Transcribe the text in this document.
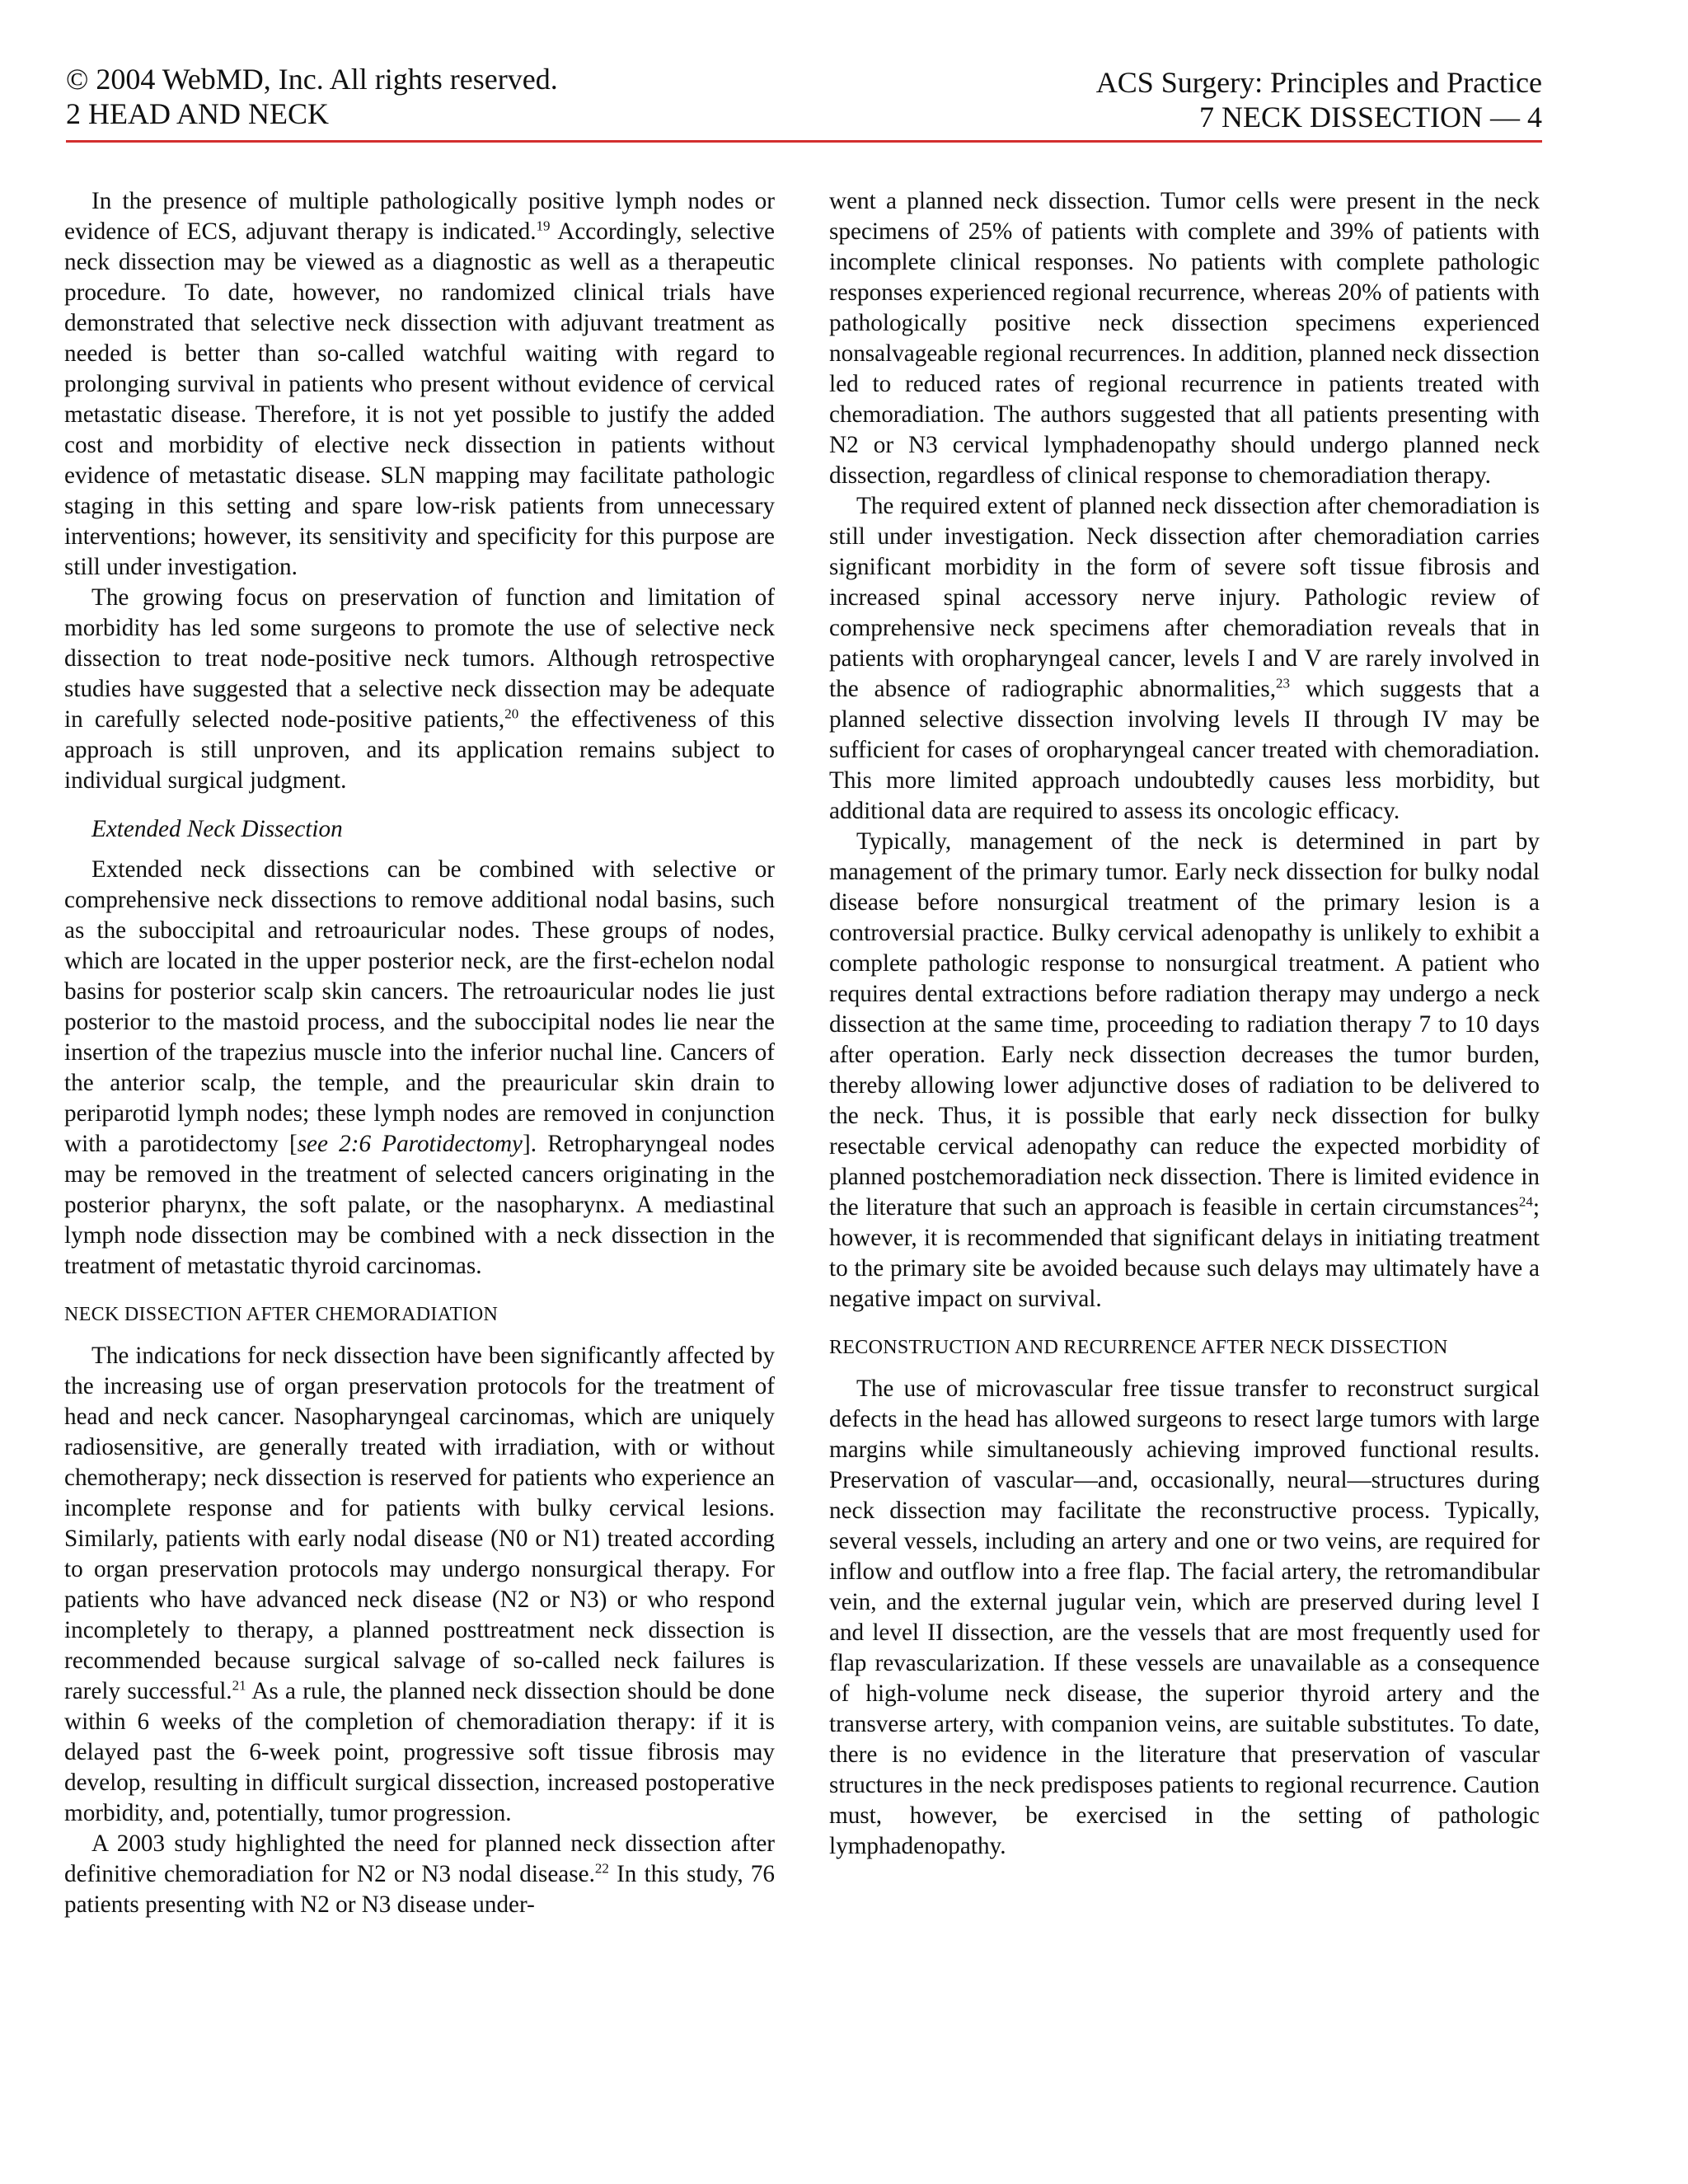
© 2004 WebMD, Inc. All rights reserved.
2 HEAD AND NECK
ACS Surgery: Principles and Practice
7 NECK DISSECTION — 4

In the presence of multiple pathologically positive lymph nodes or evidence of ECS, adjuvant therapy is indicated.$^{19}$ Accordingly, selective neck dissection may be viewed as a diagnostic as well as a therapeutic procedure. To date, however, no randomized clinical trials have demonstrated that selective neck dissection with adjuvant treatment as needed is better than so-called watchful waiting with regard to prolonging survival in patients who present without evidence of cervical metastatic disease. Therefore, it is not yet possible to justify the added cost and morbidity of elective neck dissection in patients without evidence of metastatic disease. SLN mapping may facilitate pathologic staging in this setting and spare low-risk patients from unnecessary interventions; however, its sensitivity and specificity for this purpose are still under investigation.

The growing focus on preservation of function and limitation of morbidity has led some surgeons to promote the use of selective neck dissection to treat node-positive neck tumors. Although retrospective studies have suggested that a selective neck dissection may be adequate in carefully selected node-positive patients,$^{20}$ the effectiveness of this approach is still unproven, and its application remains subject to individual surgical judgment.

Extended Neck Dissection

Extended neck dissections can be combined with selective or comprehensive neck dissections to remove additional nodal basins, such as the suboccipital and retroauricular nodes. These groups of nodes, which are located in the upper posterior neck, are the first-echelon nodal basins for posterior scalp skin cancers. The retroauricular nodes lie just posterior to the mastoid process, and the suboccipital nodes lie near the insertion of the trapezius muscle into the inferior nuchal line. Cancers of the anterior scalp, the temple, and the preauricular skin drain to periparotid lymph nodes; these lymph nodes are removed in conjunction with a parotidectomy [see 2:6 Parotidectomy]. Retropharyngeal nodes may be removed in the treatment of selected cancers originating in the posterior pharynx, the soft palate, or the nasopharynx. A mediastinal lymph node dissection may be combined with a neck dissection in the treatment of metastatic thyroid carcinomas.

NECK DISSECTION AFTER CHEMORADIATION

The indications for neck dissection have been significantly affected by the increasing use of organ preservation protocols for the treatment of head and neck cancer. Nasopharyngeal carcinomas, which are uniquely radiosensitive, are generally treated with irradiation, with or without chemotherapy; neck dissection is reserved for patients who experience an incomplete response and for patients with bulky cervical lesions. Similarly, patients with early nodal disease (N0 or N1) treated according to organ preservation protocols may undergo nonsurgical therapy. For patients who have advanced neck disease (N2 or N3) or who respond incompletely to therapy, a planned posttreatment neck dissection is recommended because surgical salvage of so-called neck failures is rarely successful.$^{21}$ As a rule, the planned neck dissection should be done within 6 weeks of the completion of chemoradiation therapy: if it is delayed past the 6-week point, progressive soft tissue fibrosis may develop, resulting in difficult surgical dissection, increased postoperative morbidity, and, potentially, tumor progression.

A 2003 study highlighted the need for planned neck dissection after definitive chemoradiation for N2 or N3 nodal disease.$^{22}$ In this study, 76 patients presenting with N2 or N3 disease under-

went a planned neck dissection. Tumor cells were present in the neck specimens of 25% of patients with complete and 39% of patients with incomplete clinical responses. No patients with complete pathologic responses experienced regional recurrence, whereas 20% of patients with pathologically positive neck dissection specimens experienced nonsalvageable regional recurrences. In addition, planned neck dissection led to reduced rates of regional recurrence in patients treated with chemoradiation. The authors suggested that all patients presenting with N2 or N3 cervical lymphadenopathy should undergo planned neck dissection, regardless of clinical response to chemoradiation therapy.

The required extent of planned neck dissection after chemoradiation is still under investigation. Neck dissection after chemoradiation carries significant morbidity in the form of severe soft tissue fibrosis and increased spinal accessory nerve injury. Pathologic review of comprehensive neck specimens after chemoradiation reveals that in patients with oropharyngeal cancer, levels I and V are rarely involved in the absence of radiographic abnormalities,$^{23}$ which suggests that a planned selective dissection involving levels II through IV may be sufficient for cases of oropharyngeal cancer treated with chemoradiation. This more limited approach undoubtedly causes less morbidity, but additional data are required to assess its oncologic efficacy.

Typically, management of the neck is determined in part by management of the primary tumor. Early neck dissection for bulky nodal disease before nonsurgical treatment of the primary lesion is a controversial practice. Bulky cervical adenopathy is unlikely to exhibit a complete pathologic response to nonsurgical treatment. A patient who requires dental extractions before radiation therapy may undergo a neck dissection at the same time, proceeding to radiation therapy 7 to 10 days after operation. Early neck dissection decreases the tumor burden, thereby allowing lower adjunctive doses of radiation to be delivered to the neck. Thus, it is possible that early neck dissection for bulky resectable cervical adenopathy can reduce the expected morbidity of planned postchemoradiation neck dissection. There is limited evidence in the literature that such an approach is feasible in certain circumstances$^{24}$; however, it is recommended that significant delays in initiating treatment to the primary site be avoided because such delays may ultimately have a negative impact on survival.

RECONSTRUCTION AND RECURRENCE AFTER NECK DISSECTION

The use of microvascular free tissue transfer to reconstruct surgical defects in the head has allowed surgeons to resect large tumors with large margins while simultaneously achieving improved functional results. Preservation of vascular—and, occasionally, neural—structures during neck dissection may facilitate the reconstructive process. Typically, several vessels, including an artery and one or two veins, are required for inflow and outflow into a free flap. The facial artery, the retromandibular vein, and the external jugular vein, which are preserved during level I and level II dissection, are the vessels that are most frequently used for flap revascularization. If these vessels are unavailable as a consequence of high-volume neck disease, the superior thyroid artery and the transverse artery, with companion veins, are suitable substitutes. To date, there is no evidence in the literature that preservation of vascular structures in the neck predisposes patients to regional recurrence. Caution must, however, be exercised in the setting of pathologic lymphadenopathy.
